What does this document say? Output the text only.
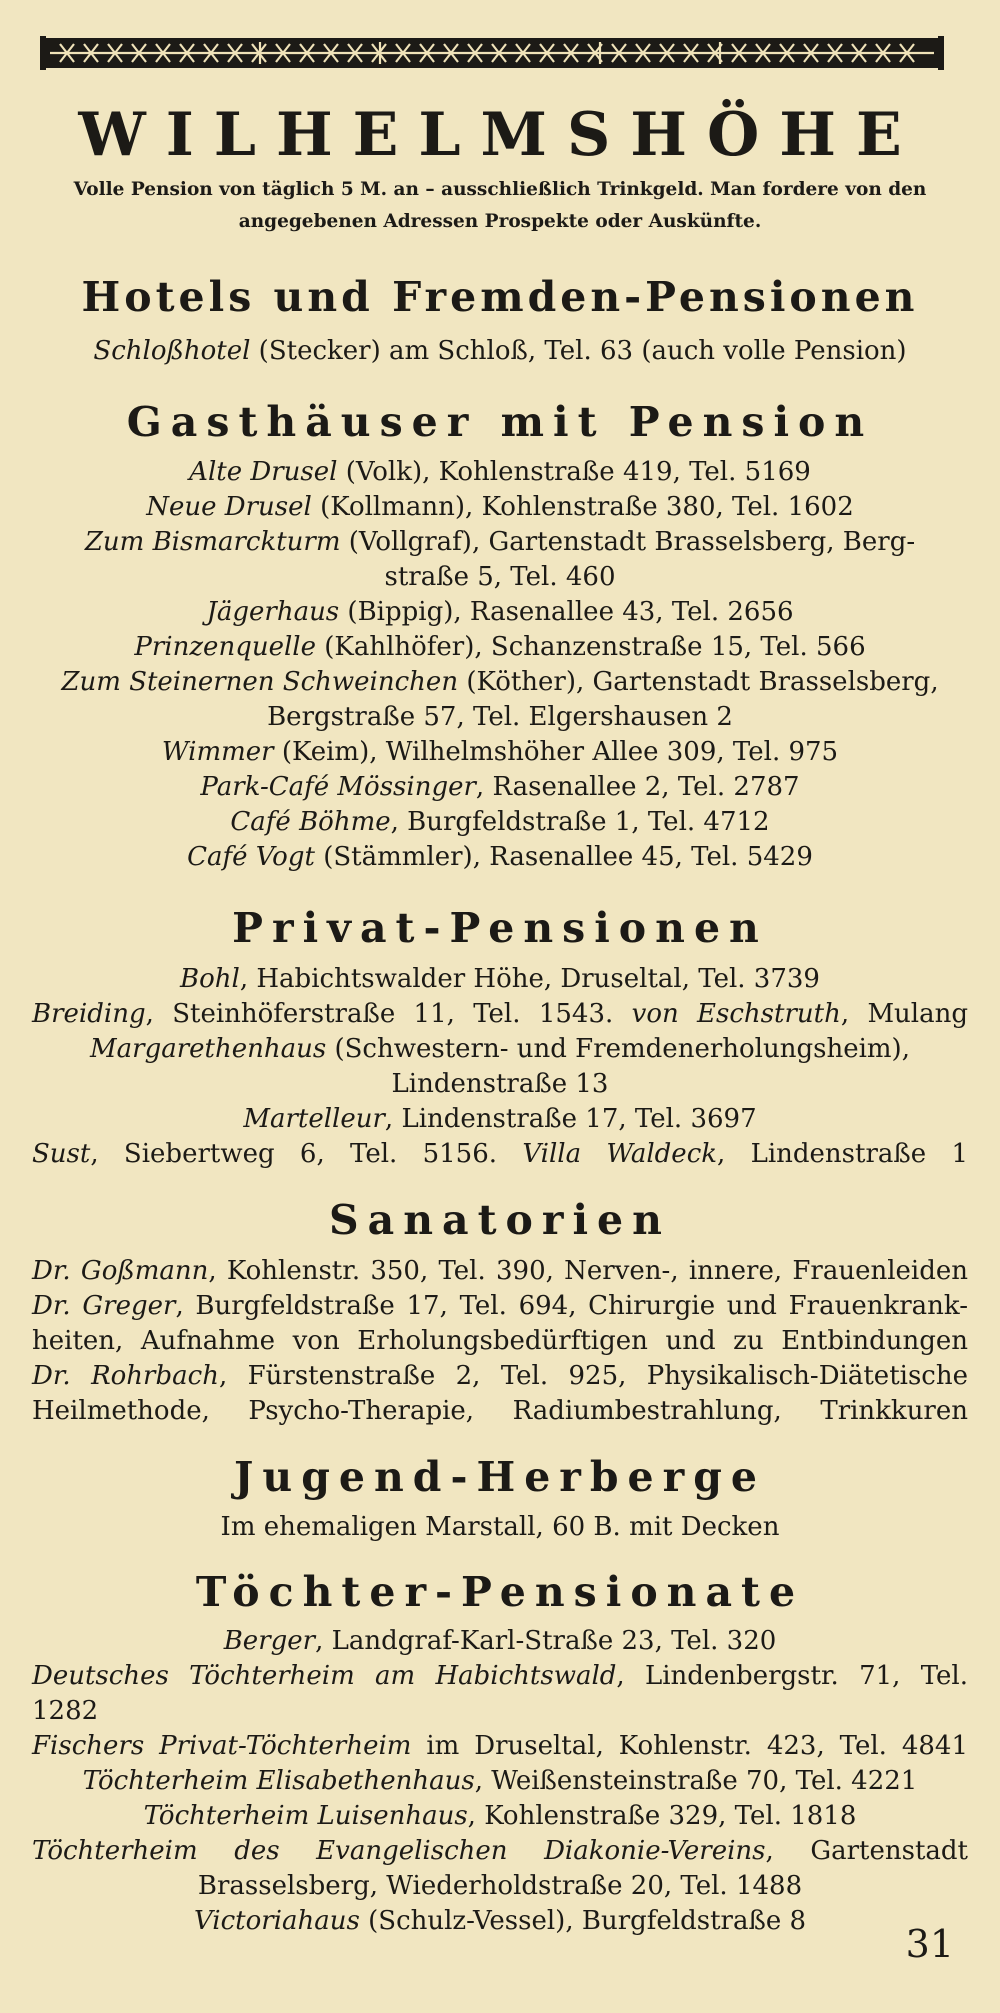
WILHELMSHÖHE

Volle Pension von täglich 5 M. an – ausschließlich Trinkgeld. Man fordere von den angegebenen Adressen Prospekte oder Auskünfte.

Hotels und Fremden-Pensionen

Schloßhotel (Stecker) am Schloß, Tel. 63 (auch volle Pension)

Gasthäuser mit Pension

Alte Drusel (Volk), Kohlenstraße 419, Tel. 5169

Neue Drusel (Kollmann), Kohlenstraße 380, Tel. 1602

Zum Bismarckturm (Vollgraf), Gartenstadt Brasselsberg, Berg-

straße 5, Tel. 460

Jägerhaus (Bippig), Rasenallee 43, Tel. 2656

Prinzenquelle (Kahlhöfer), Schanzenstraße 15, Tel. 566

Zum Steinernen Schweinchen (Köther), Gartenstadt Brasselsberg,

Bergstraße 57, Tel. Elgershausen 2

Wimmer (Keim), Wilhelmshöher Allee 309, Tel. 975

Park-Café Mössinger, Rasenallee 2, Tel. 2787

Café Böhme, Burgfeldstraße 1, Tel. 4712

Café Vogt (Stämmler), Rasenallee 45, Tel. 5429

Privat-Pensionen

Bohl, Habichtswalder Höhe, Druseltal, Tel. 3739

Breiding, Steinhöferstraße 11, Tel. 1543. von Eschstruth, Mulang

Margarethenhaus (Schwestern- und Fremdenerholungsheim),

Lindenstraße 13

Martelleur, Lindenstraße 17, Tel. 3697

Sust, Siebertweg 6, Tel. 5156. Villa Waldeck, Lindenstraße 1

Sanatorien

Dr. Goßmann, Kohlenstr. 350, Tel. 390, Nerven-, innere, Frauenleiden

Dr. Greger, Burgfeldstraße 17, Tel. 694, Chirurgie und Frauenkrank-

heiten, Aufnahme von Erholungsbedürftigen und zu Entbindungen

Dr. Rohrbach, Fürstenstraße 2, Tel. 925, Physikalisch-Diätetische

Heilmethode, Psycho-Therapie, Radiumbestrahlung, Trinkkuren

Jugend-Herberge

Im ehemaligen Marstall, 60 B. mit Decken

Töchter-Pensionate

Berger, Landgraf-Karl-Straße 23, Tel. 320

Deutsches Töchterheim am Habichtswald, Lindenbergstr. 71, Tel. 1282

Fischers Privat-Töchterheim im Druseltal, Kohlenstr. 423, Tel. 4841

Töchterheim Elisabethenhaus, Weißensteinstraße 70, Tel. 4221

Töchterheim Luisenhaus, Kohlenstraße 329, Tel. 1818

Töchterheim des Evangelischen Diakonie-Vereins, Gartenstadt

Brasselsberg, Wiederholdstraße 20, Tel. 1488

Victoriahaus (Schulz-Vessel), Burgfeldstraße 8

31
